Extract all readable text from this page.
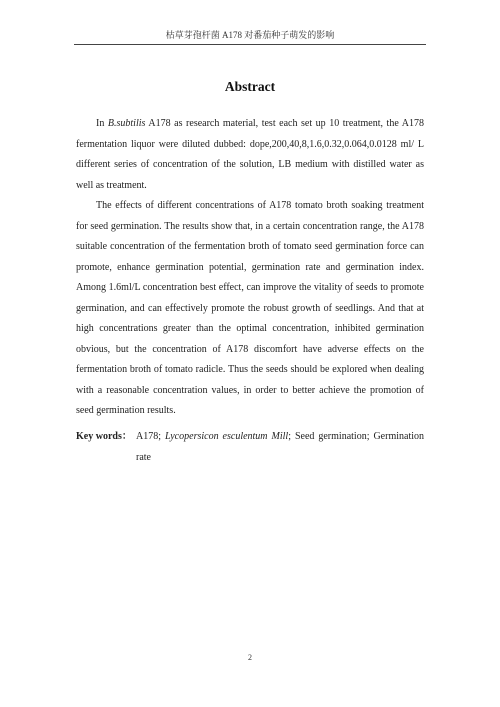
枯草芽孢杆菌 A178 对番茄种子萌发的影响
Abstract

In B.subtilis A178 as research material, test each set up 10 treatment, the A178 fermentation liquor were diluted dubbed: dope,200,40,8,1.6,0.32,0.064,0.0128 ml/ L different series of concentration of the solution, LB medium with distilled water as well as treatment.

The effects of different concentrations of A178 tomato broth soaking treatment for seed germination. The results show that, in a certain concentration range, the A178 suitable concentration of the fermentation broth of tomato seed germination force can promote, enhance germination potential, germination rate and germination index. Among 1.6ml/L concentration best effect, can improve the vitality of seeds to promote germination, and can effectively promote the robust growth of seedlings. And that at high concentrations greater than the optimal concentration, inhibited germination obvious, but the concentration of A178 discomfort have adverse effects on the fermentation broth of tomato radicle. Thus the seeds should be explored when dealing with a reasonable concentration values, in order to better achieve the promotion of seed germination results.

Key words： A178; Lycopersicon esculentum Mill; Seed germination; Germination rate
2
